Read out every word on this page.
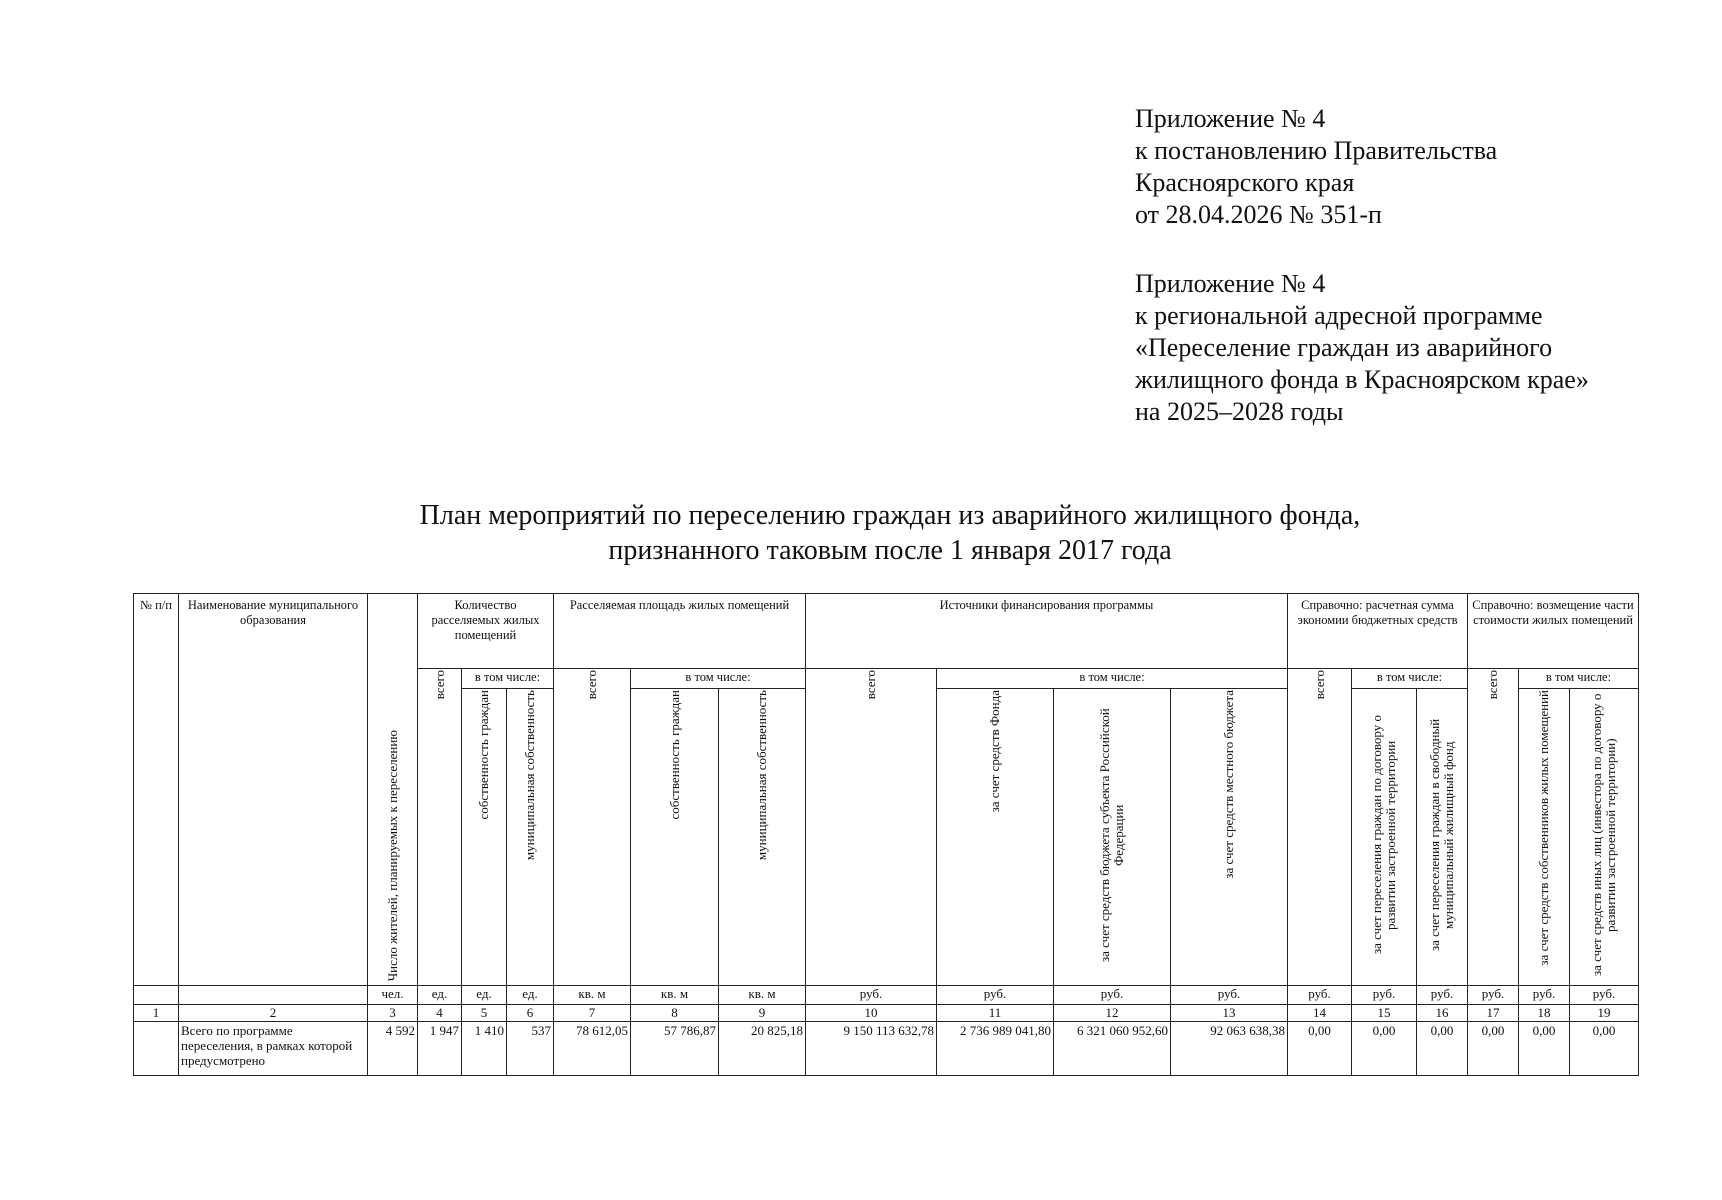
Приложение № 4
к постановлению Правительства
Красноярского края
от 28.04.2026 № 351-п
Приложение № 4
к региональной адресной программе
«Переселение граждан из аварийного
жилищного фонда в Красноярском крае»
на 2025–2028 годы
План мероприятий по переселению граждан из аварийного жилищного фонда,
признанного таковым после 1 января 2017 года
№ п/п	Наименование муниципального образования	Число жителей, планируемых к переселению	Количество расселяемых жилых помещений			Расселяемая площадь жилых помещений			Источники финансирования программы				Справочно: расчетная сумма экономии бюджетных средств			Справочно: возмещение части стоимости жилых помещений		
			всего	в том числе:		всего	в том числе:		всего	в том числе:			всего	в том числе:		всего	в том числе:	
				собственность граждан	муниципальная собственность		собственность граждан	муниципальная собственность		за счет средств Фонда	за счет средств бюджета субъекта Российской Федерации	за счет средств местного бюджета		за счет переселения граждан по договору о развитии застроенной территории	за счет переселения граждан в свободный муниципальный жилищный фонд		за счет средств собственников жилых помещений	за счет средств иных лиц (инвестора по договору о развитии застроенной территории)
		чел.	ед.	ед.	ед.	кв. м	кв. м	кв. м	руб.	руб.	руб.	руб.	руб.	руб.	руб.	руб.	руб.	руб.
1	2	3	4	5	6	7	8	9	10	11	12	13	14	15	16	17	18	19
	Всего по программе переселения, в рамках которой предусмотрено	4 592	1 947	1 410	537	78 612,05	57 786,87	20 825,18	9 150 113 632,78	2 736 989 041,80	6 321 060 952,60	92 063 638,38	0,00	0,00	0,00	0,00	0,00	0,00
